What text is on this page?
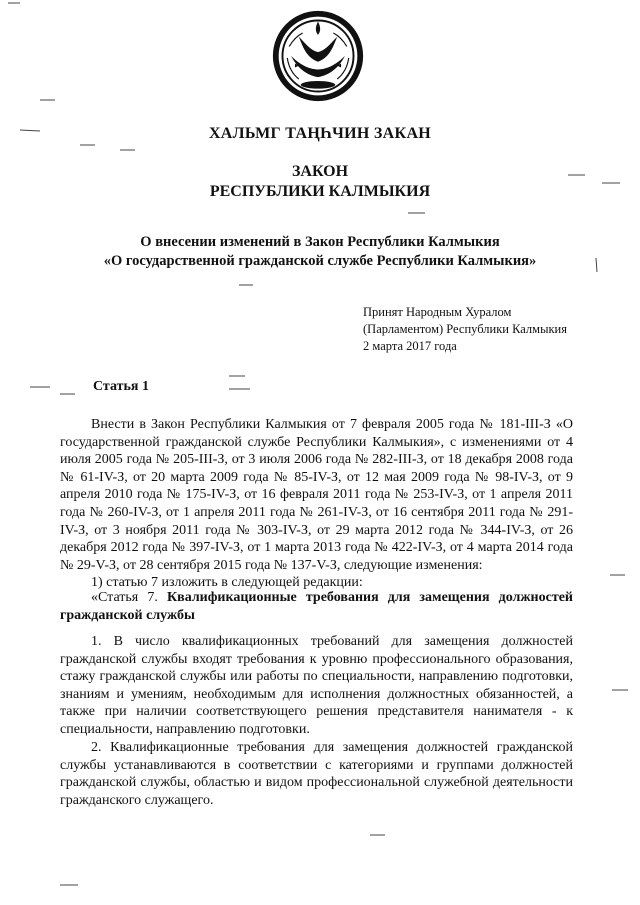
ХАЛЬМГ ТАҢҺЧИН ЗАКАН
ЗАКОН
РЕСПУБЛИКИ КАЛМЫКИЯ
О внесении изменений в Закон Республики Калмыкия
«О государственной гражданской службе Республики Калмыкия»
Принят Народным Хуралом
(Парламентом) Республики Калмыкия
2 марта 2017 года
Статья 1

Внести в Закон Республики Калмыкия от 7 февраля 2005 года № 181-III-З «О государственной гражданской службе Республики Калмыкия», с изменениями от 4 июля 2005 года № 205-III-З, от 3 июля 2006 года № 282-III-З, от 18 декабря 2008 года № 61-IV-З, от 20 марта 2009 года № 85-IV-З, от 12 мая 2009 года № 98-IV-З, от 9 апреля 2010 года № 175-IV-З, от 16 февраля 2011 года № 253-IV-З, от 1 апреля 2011 года № 260-IV-З, от 1 апреля 2011 года № 261-IV-З, от 16 сентября 2011 года № 291-IV-З, от 3 ноября 2011 года № 303-IV-З, от 29 марта 2012 года № 344-IV-З, от 26 декабря 2012 года № 397-IV-З, от 1 марта 2013 года № 422-IV-З, от 4 марта 2014 года № 29-V-З, от 28 сентября 2015 года № 137-V-З, следующие изменения:

1) статью 7 изложить в следующей редакции:

«Статья 7. Квалификационные требования для замещения должностей гражданской службы

1. В число квалификационных требований для замещения должностей гражданской службы входят требования к уровню профессионального образования, стажу гражданской службы или работы по специальности, направлению подготовки, знаниям и умениям, необходимым для исполнения должностных обязанностей, а также при наличии соответствующего решения представителя нанимателя - к специальности, направлению подготовки.

2. Квалификационные требования для замещения должностей гражданской службы устанавливаются в соответствии с категориями и группами должностей гражданской службы, областью и видом профессиональной служебной деятельности гражданского служащего.
